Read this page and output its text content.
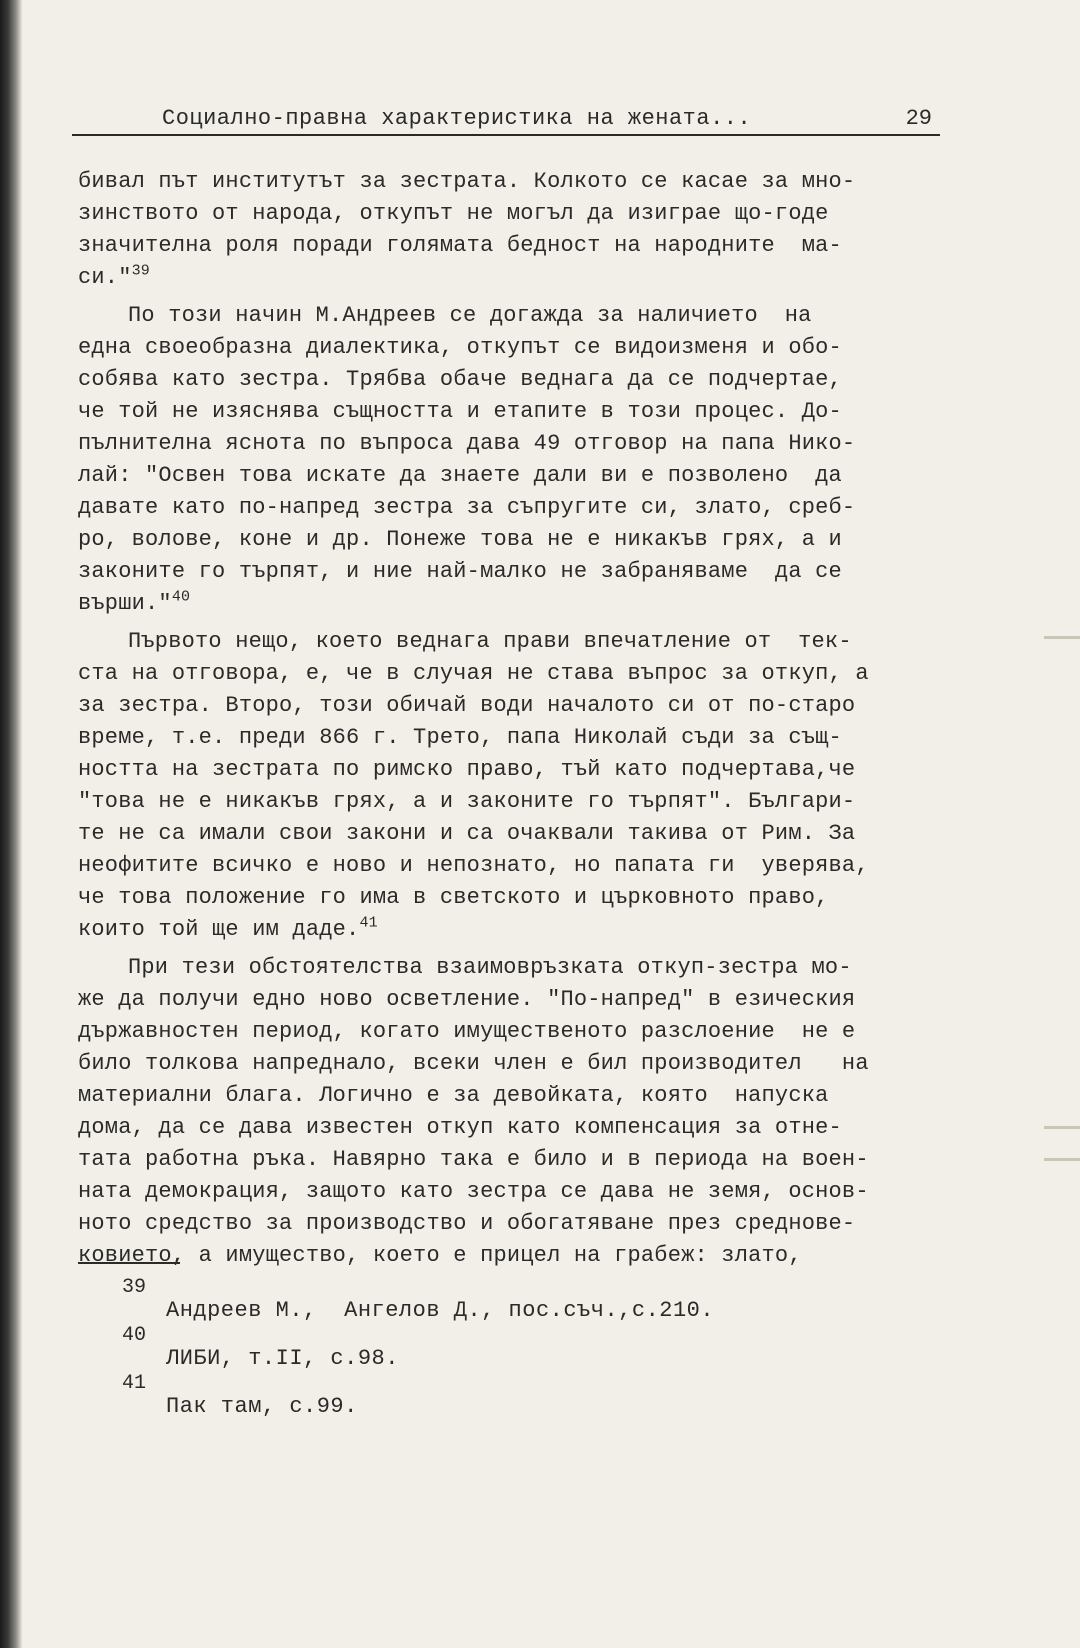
Социално-правна характеристика на жената...	29
бивал път институтът за зестрата. Колкото се касае за мно-
зинството от народа, откупът не могъл да изиграе що-годе
значителна роля поради голямата бедност на народните  ма-
си."$^{39}$
По този начин М.Андреев се догажда за наличието  на
една своеобразна диалектика, откупът се видоизменя и обо-
собява като зестра. Трябва обаче веднага да се подчертае,
че той не изяснява същността и етапите в този процес. До-
пълнителна яснота по въпроса дава 49 отговор на папа Нико-
лай: "Освен това искате да знаете дали ви е позволено  да
давате като по-напред зестра за съпругите си, злато, среб-
ро, волове, коне и др. Понеже това не е никакъв грях, а и
законите го търпят, и ние най-малко не забраняваме  да се
върши."$^{40}$
Първото нещо, което веднага прави впечатление от  тек-
ста на отговора, е, че в случая не става въпрос за откуп, а
за зестра. Второ, този обичай води началото си от по-старо
време, т.е. преди 866 г. Трето, папа Николай съди за същ-
ността на зестрата по римско право, тъй като подчертава,че
"това не е никакъв грях, а и законите го търпят". Българи-
те не са имали свои закони и са очаквали такива от Рим. За
неофитите всичко е ново и непознато, но папата ги  уверява,
че това положение го има в светското и църковното право,
които той ще им даде.$^{41}$
При тези обстоятелства взаимовръзката откуп-зестра мо-
же да получи едно ново осветление. "По-напред" в езическия
държавностен период, когато имущественото разслоение  не е
било толкова напреднало, всеки член е бил производител   на
материални блага. Логично е за девойката, която  напуска
дома, да се дава известен откуп като компенсация за отне-
тата работна ръка. Навярно така е било и в периода на воен-
ната демокрация, защото като зестра се дава не земя, основ-
ното средство за производство и обогатяване през среднове-
ковието, а имущество, което е прицел на грабеж: злато,
39
Андреев М.,  Ангелов Д., пос.съч.,с.210.
40
ЛИБИ, т.II, с.98.
41
Пак там, с.99.
